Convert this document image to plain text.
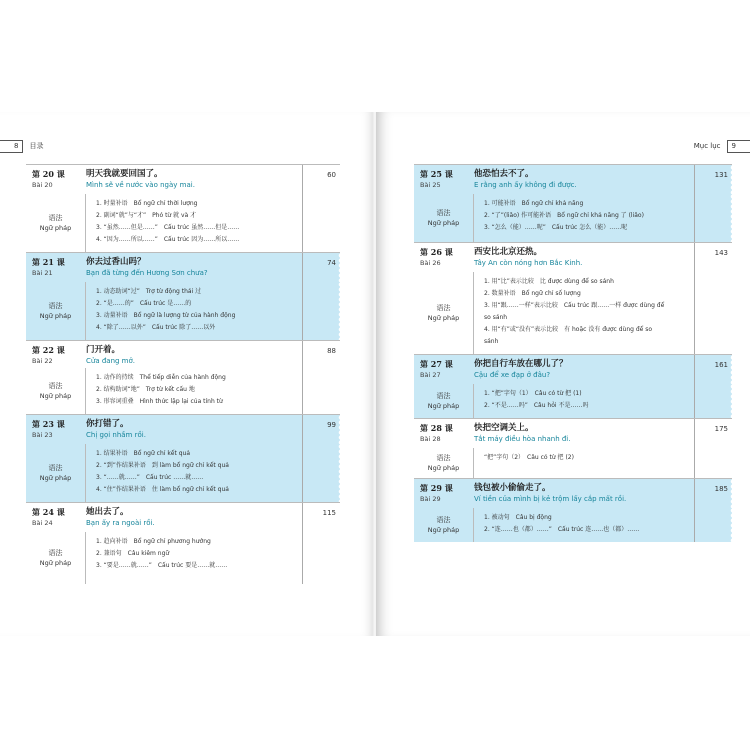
8	目录
第 20 课
Bài 20
明天我就要回国了。
Mình sẽ về nước vào ngày mai.
60
语法
Ngữ pháp
1. 时量补语　Bổ ngữ chỉ thời lượng
2. 副词“就”与“才”　Phó từ 就 và 才
3. “虽然……但是……”　Cấu trúc 虽然……但是……
4. “因为……所以……”　Cấu trúc 因为……所以……
第 21 课
Bài 21
你去过香山吗？
Bạn đã từng đến Hương Sơn chưa?
74
语法
Ngữ pháp
1. 动态助词“过”　Trợ từ động thái 过
2. “是……的”　Cấu trúc 是……的
3. 动量补语　Bổ ngữ là lượng từ của hành động
4. “除了……以外”　Cấu trúc 除了……以外
第 22 课
Bài 22
门开着。
Cửa đang mở.
88
语法
Ngữ pháp
1. 动作的持续　Thể tiếp diễn của hành động
2. 结构助词“地”　Trợ từ kết cấu 地
3. 形容词重叠　Hình thức lặp lại của tính từ
第 23 课
Bài 23
你打错了。
Chị gọi nhầm rồi.
99
语法
Ngữ pháp
1. 结果补语　Bổ ngữ chỉ kết quả
2. “到”作结果补语　到 làm bổ ngữ chỉ kết quả
3. “……就……”　Cấu trúc ……就……
4. “住”作结果补语　住 làm bổ ngữ chỉ kết quả
第 24 课
Bài 24
她出去了。
Bạn ấy ra ngoài rồi.
115
语法
Ngữ pháp
1. 趋向补语　Bổ ngữ chỉ phương hướng
2. 兼语句　Câu kiêm ngữ
3. “要是……就……”　Cấu trúc 要是……就……
Mục lục	9
第 25 课
Bài 25
他恐怕去不了。
E rằng anh ấy không đi được.
131
语法
Ngữ pháp
1. 可能补语　Bổ ngữ chỉ khả năng
2. “了”(liǎo) 作可能补语　Bổ ngữ chỉ khả năng 了 (liǎo)
3. “怎么（能）……呢”　Cấu trúc 怎么（能）……呢
第 26 课
Bài 26
西安比北京还热。
Tây An còn nóng hơn Bắc Kinh.
143
语法
Ngữ pháp
1. 用“比”表示比较　比 được dùng để so sánh
2. 数量补语　Bổ ngữ chỉ số lượng
3. 用“跟……一样”表示比较　Cấu trúc 跟……一样 được dùng để
so sánh
4. 用“有”或“没有”表示比较　有 hoặc 没有 được dùng để so
sánh
第 27 课
Bài 27
你把自行车放在哪儿了？
Cậu để xe đạp ở đâu?
161
语法
Ngữ pháp
1. “把”字句（1）　Câu có từ 把 (1)
2. “不是……吗”　Câu hỏi 不是……吗
第 28 课
Bài 28
快把空调关上。
Tắt máy điều hòa nhanh đi.
175
语法
Ngữ pháp
“把”字句（2）　Câu có từ 把 (2)
第 29 课
Bài 29
钱包被小偷偷走了。
Ví tiền của mình bị kẻ trộm lấy cắp mất rồi.
185
语法
Ngữ pháp
1. 被动句　Câu bị động
2. “连……也（都）……”　Cấu trúc 连……也（都）……
